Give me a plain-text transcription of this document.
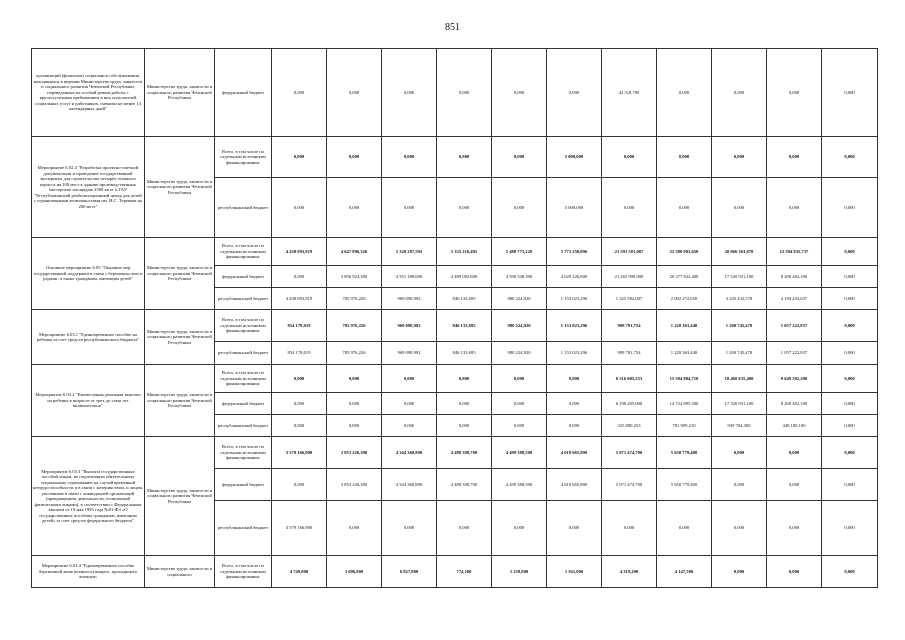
851
организаций (филиалов) социального обслуживания, находящихся в ведении Министерства труда, занятости и социального развития Чеченской Республики, переведенных на особый режим работы с круглосуточным пребыванием в них получателей социальных услуг и работников, сменами не менее 14 календарных дней"	Министерство труда, занятости и социального развития Чеченской Республики	федеральный бюджет	0,000	0,000	0,000	0,000	0,000	0,000	42 318,700	0,000	0,000	0,000	0,000
Мероприятие 6.02.4 "Разработка проектно-сметной документации и проведение государственной экспертизы для строительства четырёх-этажного корпуса на 108 мест к зданию производственных мастерских площадью 2500 кв.м. в ГБУ "Республиканский реабилитационный центр для детей с ограниченными возможностями им. И.С. Терекова на 200 мест"	Министерство труда, занятости и социального развития Чеченской Республики	Всего, в том числе по отдельным источникам финансирования:	0,000	0,000	0,000	0,000	0,000	5 000,000	0,000	0,000	0,000	0,000	0,000
		республиканский бюджет	0,000	0,000	0,000	0,000	0,000	5 000,000	0,000	0,000	0,000	0,000	0,000
Основное мероприятие 6.03 "Оказание мер государственной поддержки в связи с беременностью и родами, а также гражданам, имеющим детей"	Министерство труда, занятости и социального развития Чеченской Республики	Всего, в том числе по отдельным источникам финансирования:	4 438 093,919	4 647 896,326	5 320 287,592	5 335 216,495	5 480 773,220	5 773 250,096	21 591 581,007	22 380 093,650	20 866 363,678	12 394 835,737	0,000
		федеральный бюджет	0,000	3 856 923,300	4 351 188,600	4 489 082,800	4 590 548,300	4 620 226,800	21 265 999,000	20 377 822,400	17 520 931,100	8 200 402,100	0,000
		республиканский бюджет	4 438 093,919	785 976,226	969 098,992	846 133,695	980 224,920	1 153 023,296	1 325 582,007	2 002 272,650	3 345 432,578	4 194 433,637	0,000
Мероприятие 6.03.1 "Единовременное пособие на ребенка за счет средств республиканского бюджета"	Министерство труда, занятости и социального развития Чеченской Республики	Всего, в том числе по отдельным источникам финансирования:	854 178,019	785 976,226	969 098,992	846 133,695	980 224,920	1 153 023,296	999 781,754	1 220 363,440	1 200 745,478	1 057 222,837	0,000
		республиканский бюджет	854 178,019	785 976,226	969 098,992	846 133,695	980 224,920	1 153 023,296	999 781,754	1 220 363,440	1 200 745,478	1 057 222,837	0,000
Мероприятие 6.03.2 "Ежемесячная денежная выплата на ребенка в возрасте от трех до семи лет включительно"	Министерство труда, занятости и социального развития Чеченской Республики	Всего, в том числе по отдельным источникам финансирования:	0,000	0,000	0,000	0,000	0,000	0,000	6 516 005,253	15 504 804,710	18 460 635,400	8 649 502,200	0,000
		федеральный бюджет	0,000	0,000	0,000	0,000	0,000	0,000	6 190 205,000	14 722 895,500	17 520 931,100	8 200 402,100	0,000
		республиканский бюджет	0,000	0,000	0,000	0,000	0,000	0,000	325 800,253	781 909,210	939 704,300	449 100,100	0,000
Мероприятие 6.03.3 "Выплата государственных пособий лицам, не подлежащим обязательному социальному страхованию на случай временной нетрудоспособности и в связи с материнством, и лицам, уволенным в связи с ликвидацией организаций (прекращением деятельности, полномочий физическими лицами), в соответствии с Федеральным законом от 19 мая 1995 года №81-ФЗ «О государственных пособиях гражданам, имеющим детей» за счет средств федерального бюджета"	Министерство труда, занятости и социального развития Чеченской Республики	Всего, в том числе по отдельным источникам финансирования:	3 579 166,900	3 853 226,300	4 344 360,800	4 488 308,700	4 499 388,500	4 618 665,800	5 071 474,700	5 650 779,400	0,000	0,000	0,000
		федеральный бюджет	0,000	3 853 226,300	4 344 360,800	4 488 308,700	4 499 388,500	4 618 665,800	5 071 474,700	5 650 779,400	0,000	0,000	0,000
		республиканский бюджет	3 579 166,900	0,000	0,000	0,000	0,000	0,000	0,000	0,000	0,000	0,000	0,000
Мероприятие 6.03.4 "Единовременное пособие беременной жене военнослужащего, проходящего военную	Министерство труда, занятости и социального	Всего, в том числе по отдельным источникам финансирования:	4 749,000	3 696,800	6 827,800	774,100	1 239,800	1 561,000	4 319,200	4 147,500	0,000	0,000	0,000
